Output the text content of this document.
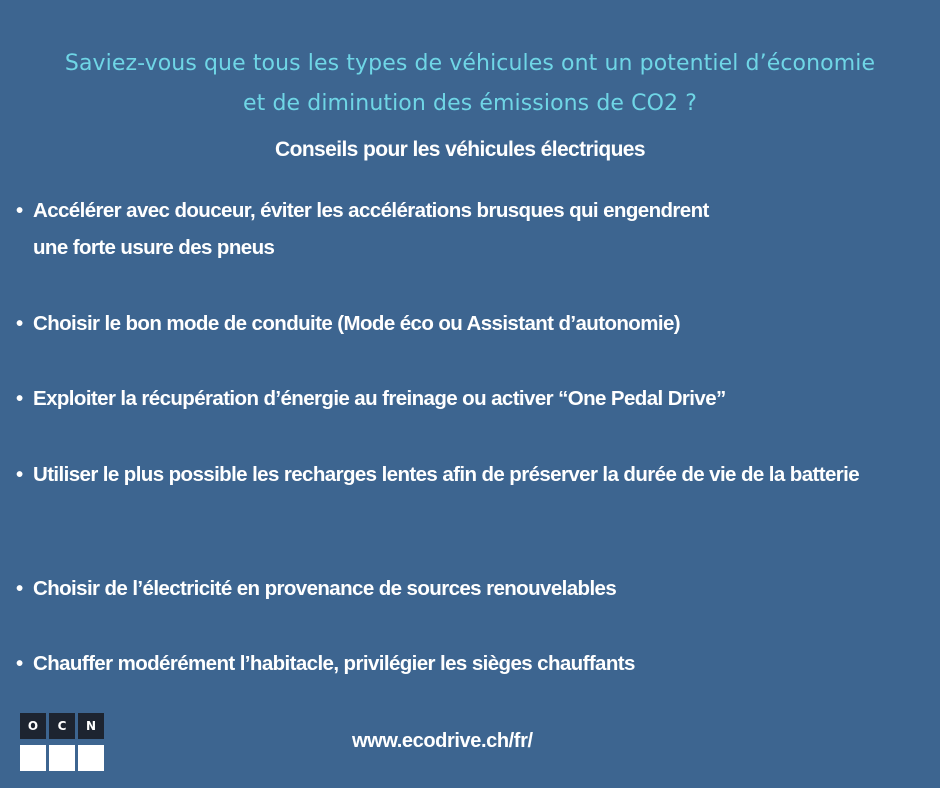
Saviez-vous que tous les types de véhicules ont un potentiel d’économie
et de diminution des émissions de CO2 ?
Conseils pour les véhicules électriques
• Accélérer avec douceur, éviter les accélérations brusques qui engendrent
une forte usure des pneus
• Choisir le bon mode de conduite (Mode éco ou Assistant d’autonomie)
• Exploiter la récupération d’énergie au freinage ou activer “One Pedal Drive”
• Utiliser le plus possible les recharges lentes afin de préserver la durée de vie de la batterie
• Choisir de l’électricité en provenance de sources renouvelables
• Chauffer modérément l’habitacle, privilégier les sièges chauffants
O	C	N
www.ecodrive.ch/fr/
